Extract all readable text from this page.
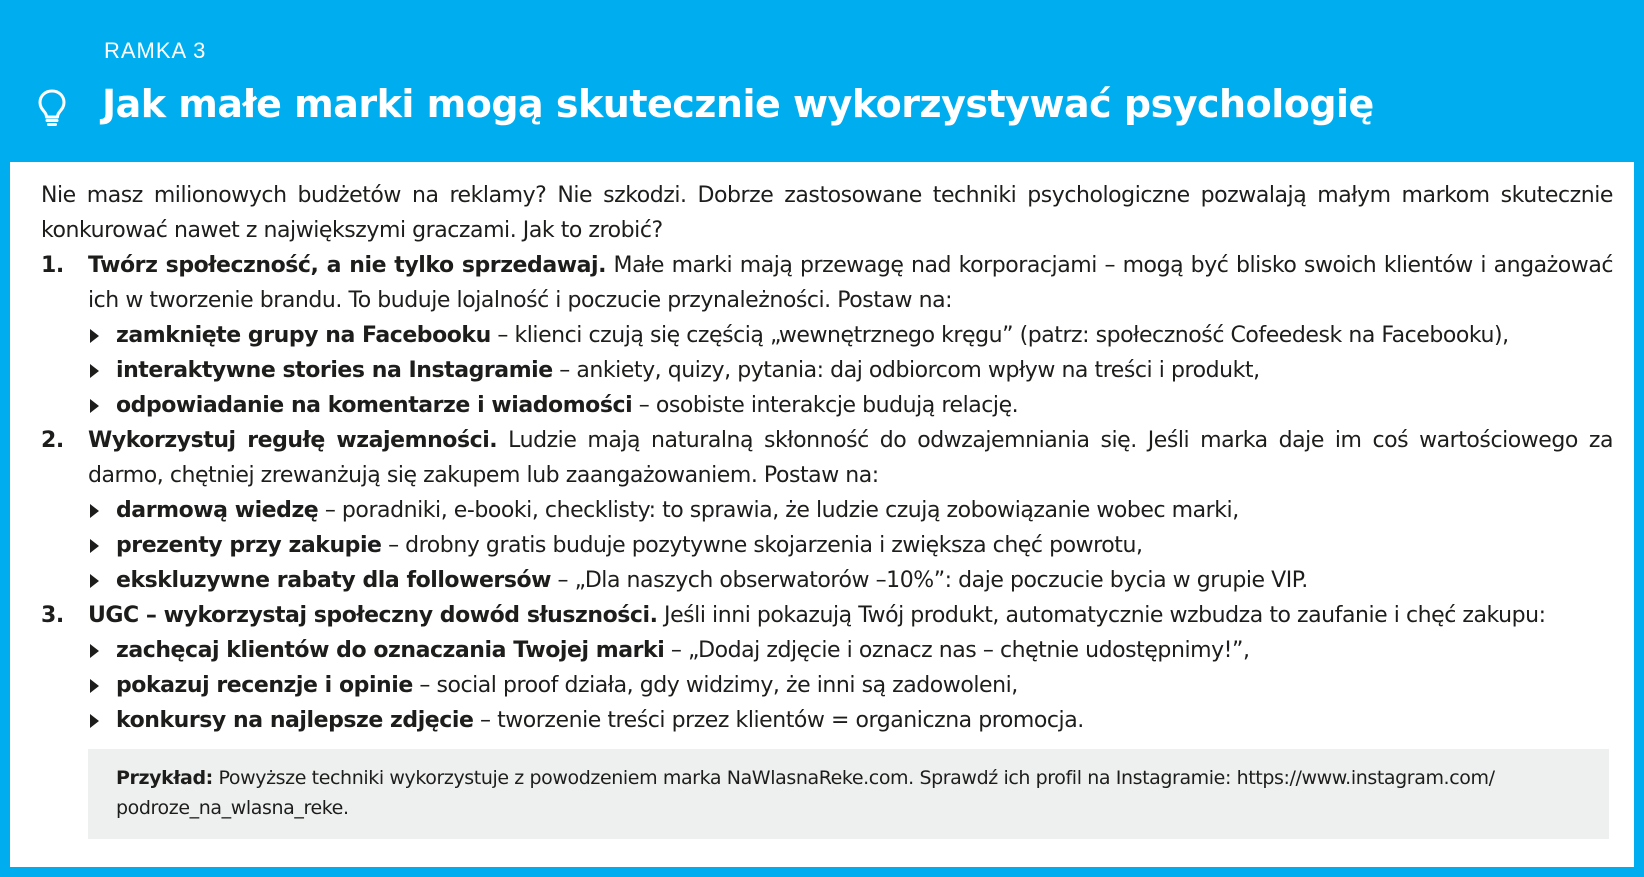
RAMKA 3
Jak małe marki mogą skutecznie wykorzystywać psychologię

Nie masz milionowych budżetów na reklamy? Nie szkodzi. Dobrze zastosowane techniki psychologiczne pozwalają małym markom skutecznie konkurować nawet z największymi graczami. Jak to zrobić?

1. Twórz społeczność, a nie tylko sprzedawaj. Małe marki mają przewagę nad korporacjami – mogą być blisko swoich klientów i angażować ich w tworzenie brandu. To buduje lojalność i poczucie przynależności. Postaw na:
zamknięte grupy na Facebooku – klienci czują się częścią „wewnętrznego kręgu” (patrz: społeczność Cofeedesk na Facebooku),
interaktywne stories na Instagramie – ankiety, quizy, pytania: daj odbiorcom wpływ na treści i produkt,
odpowiadanie na komentarze i wiadomości – osobiste interakcje budują relację.
2. Wykorzystuj regułę wzajemności. Ludzie mają naturalną skłonność do odwzajemniania się. Jeśli marka daje im coś wartościowego za darmo, chętniej zrewanżują się zakupem lub zaangażowaniem. Postaw na:
darmową wiedzę – poradniki, e-booki, checklisty: to sprawia, że ludzie czują zobowiązanie wobec marki,
prezenty przy zakupie – drobny gratis buduje pozytywne skojarzenia i zwiększa chęć powrotu,
ekskluzywne rabaty dla followersów – „Dla naszych obserwatorów –10%”: daje poczucie bycia w grupie VIP.
3. UGC – wykorzystaj społeczny dowód słuszności. Jeśli inni pokazują Twój produkt, automatycznie wzbudza to zaufanie i chęć zakupu:
zachęcaj klientów do oznaczania Twojej marki – „Dodaj zdjęcie i oznacz nas – chętnie udostępnimy!”,
pokazuj recenzje i opinie – social proof działa, gdy widzimy, że inni są zadowoleni,
konkursy na najlepsze zdjęcie – tworzenie treści przez klientów = organiczna promocja.
Przykład: Powyższe techniki wykorzystuje z powodzeniem marka NaWlasnaReke.com. Sprawdź ich profil na Instagramie: https://www.instagram.com/ podroze_na_wlasna_reke.
